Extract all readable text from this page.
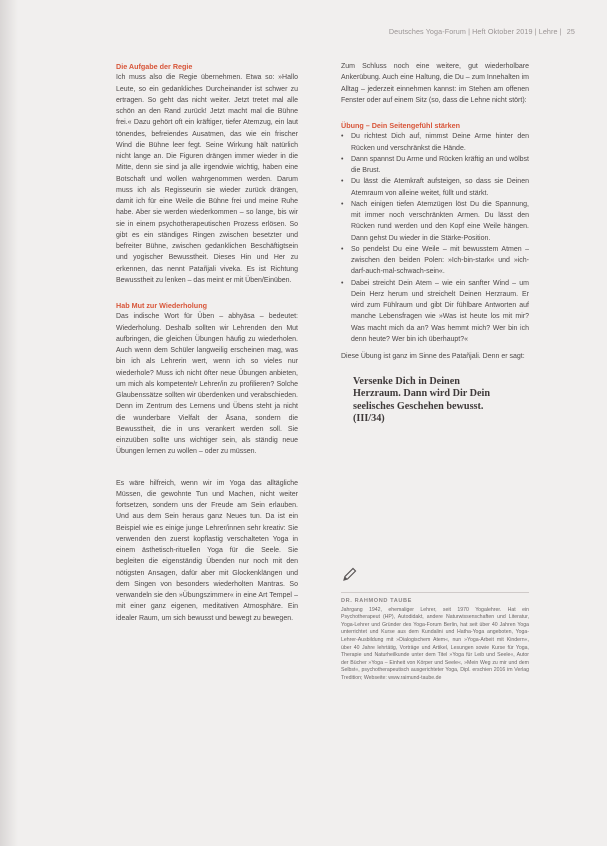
Deutsches Yoga-Forum | Heft Oktober 2019 | Lehre | 25
Die Aufgabe der Regie

Ich muss also die Regie übernehmen. Etwa so: »Hallo Leute, so ein gedankliches Durcheinander ist schwer zu ertragen. So geht das nicht weiter. Jetzt tretet mal alle schön an den Rand zurück! Jetzt macht mal die Bühne frei.« Dazu gehört oft ein kräftiger, tiefer Atemzug, ein laut tönendes, befreiendes Ausatmen, das wie ein frischer Wind die Bühne leer fegt. Seine Wirkung hält natürlich nicht lange an. Die Figuren drängen immer wieder in die Mitte, denn sie sind ja alle irgendwie wichtig, haben eine Botschaft und wollen wahrgenommen werden. Darum muss ich als Regisseurin sie wieder zurück drängen, damit ich für eine Weile die Bühne frei und meine Ruhe habe. Aber sie werden wiederkommen – so lange, bis wir sie in einem psychotherapeutischen Prozess erlösen. So gibt es ein ständiges Ringen zwischen besetzter und befreiter Bühne, zwischen gedanklichen Beschäftigtsein und yogischer Bewusstheit. Dieses Hin und Her zu erkennen, das nennt Patañjali viveka. Es ist Richtung Bewusstheit zu lenken – das meint er mit Üben/Einüben.

Hab Mut zur Wiederholung

Das indische Wort für Üben – abhyāsa – bedeutet: Wiederholung. Deshalb sollten wir Lehrenden den Mut aufbringen, die gleichen Übungen häufig zu wiederholen. Auch wenn dem Schüler langweilig erscheinen mag, was bin ich als Lehrerin wert, wenn ich so vieles nur wiederhole? Muss ich nicht öfter neue Übungen anbieten, um mich als kompetente/r Lehrer/in zu profilieren? Solche Glaubenssätze sollten wir überdenken und verabschieden. Denn im Zentrum des Lernens und Übens steht ja nicht die wunderbare Vielfalt der Āsana, sondern die Bewusstheit, die in uns verankert werden soll. Sie einzuüben sollte uns wichtiger sein, als ständig neue Übungen lernen zu wollen – oder zu müssen.

Es wäre hilfreich, wenn wir im Yoga das alltägliche Müssen, die gewohnte Tun und Machen, nicht weiter fortsetzen, sondern uns der Freude am Sein erlauben. Und aus dem Sein heraus ganz Neues tun. Da ist ein Beispiel wie es einige junge Lehrer/innen sehr kreativ: Sie verwenden den zuerst kopflastig verschalteten Yoga in einem ästhetisch-rituellen Yoga für die Seele. Sie begleiten die eigenständig Übenden nur noch mit den nötigsten Ansagen, dafür aber mit Glockenklängen und dem Singen von besonders wiederholten Mantras. So verwandeln sie den »Übungszimmer« in eine Art Tempel – mit einer ganz eigenen, meditativen Atmosphäre. Ein idealer Raum, um sich bewusst und bewegt zu bewegen.

Zum Schluss noch eine weitere, gut wiederholbare Ankerübung. Auch eine Haltung, die Du – zum Innehalten im Alltag – jederzeit einnehmen kannst: im Stehen am offenen Fenster oder auf einem Sitz (so, dass die Lehne nicht stört):

Übung – Dein Seitengefühl stärken
• Du richtest Dich auf, nimmst Deine Arme hinter den Rücken und verschränkst die Hände.
• Dann spannst Du Arme und Rücken kräftig an und wölbst die Brust.
• Du lässt die Atemkraft aufsteigen, so dass sie Deinen Atemraum von alleine weitet, füllt und stärkt.
• Nach einigen tiefen Atemzügen löst Du die Spannung, mit immer noch verschränkten Armen. Du lässt den Rücken rund werden und den Kopf eine Weile hängen. Dann gehst Du wieder in die Stärke-Position.
• So pendelst Du eine Weile – mit bewusstem Atmen – zwischen den beiden Polen: »Ich-bin-stark« und »ich-darf-auch-mal-schwach-sein«.
• Dabei streicht Dein Atem – wie ein sanfter Wind – um Dein Herz herum und streichelt Deinen Herzraum. Er wird zum Fühlraum und gibt Dir fühlbare Antworten auf manche Lebensfragen wie »Was ist heute los mit mir? Was macht mich da an? Was hemmt mich? Wer bin ich denn heute? Wer bin ich überhaupt?«

Diese Übung ist ganz im Sinne des Patañjali. Denn er sagt:

Versenke Dich in Deinen Herzraum. Dann wird Dir Dein seelisches Geschehen bewusst. (III/34)
DR. RAHMOND TAUBE
Jahrgang 1942, ehemaliger Lehrer, seit 1970 Yogalehrer. Hat ein Psychotherapeut (HP), Autodidakt, andere Naturwissenschaften und Literatur, Yoga-Lehrer und Gründer des Yoga-Forum Berlin, hat seit über 40 Jahren Yoga unterrichtet und Kurse aus dem Kundalini und Hatha-Yoga angeboten, Yoga-Lehrer-Ausbildung mit »Dialogischem Atem«, nun »Yoga-Arbeit mit Kindern«, über 40 Jahre lehrtätig, Vorträge und Artikel, Lesungen sowie Kurse für Yoga, Therapie und Naturheilkunde unter dem Titel »Yoga für Leib und Seele«, Autor der Bücher »Yoga – Einheit von Körper und Seele«, »Mein Weg zu mir und dem Selbst«, psychotherapeutisch ausgerichteter Yoga, Dipl. erschien 2016 im Verlag Tredition; Webseite: www.raimund-taube.de
